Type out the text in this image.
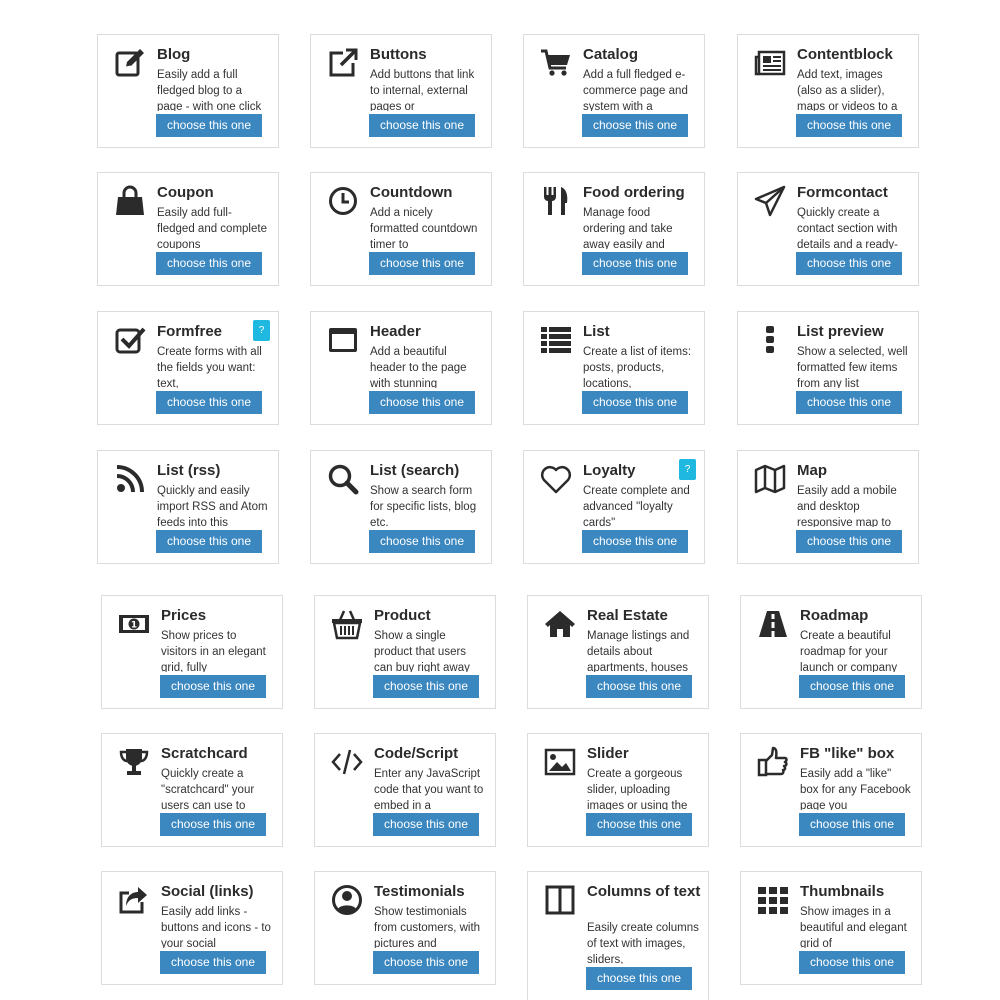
Blog
Easily add a full fledged blog to a page - with one click
choose this one
Buttons
Add buttons that link to internal, external pages or
choose this one
Catalog
Add a full fledged e-commerce page and system with a
choose this one
Contentblock
Add text, images (also as a slider), maps or videos to a
choose this one
Coupon
Easily add full-fledged and complete coupons
choose this one
Countdown
Add a nicely formatted countdown timer to
choose this one
Food ordering
Manage food ordering and take away easily and
choose this one
Formcontact
Quickly create a contact section with details and a ready-
choose this one
Formfree
Create forms with all the fields you want: text,
choose this one
?	Header
Add a beautiful header to the page with stunning
choose this one
List
Create a list of items: posts, products, locations,
choose this one
List preview
Show a selected, well formatted few items from any list
choose this one
List (rss)
Quickly and easily import RSS and Atom feeds into this
choose this one
List (search)
Show a search form for specific lists, blog etc.
choose this one
Loyalty
Create complete and advanced "loyalty cards"
choose this one
?	Map
Easily add a mobile and desktop responsive map to
choose this one
1
Prices
Show prices to visitors in an elegant grid, fully
choose this one
Product
Show a single product that users can buy right away
choose this one
Real Estate
Manage listings and details about apartments, houses
choose this one
Roadmap
Create a beautiful roadmap for your launch or company
choose this one
Scratchcard
Quickly create a "scratchcard" your users can use to
choose this one
Code/Script
Enter any JavaScript code that you want to embed in a
choose this one
Slider
Create a gorgeous slider, uploading images or using the
choose this one
FB "like" box
Easily add a "like" box for any Facebook page you
choose this one
Social (links)
Easily add links - buttons and icons - to your social
choose this one
Testimonials
Show testimonials from customers, with pictures and
choose this one
Columns of text
Easily create columns of text with images, sliders,
choose this one
Thumbnails
Show images in a beautiful and elegant grid of
choose this one
